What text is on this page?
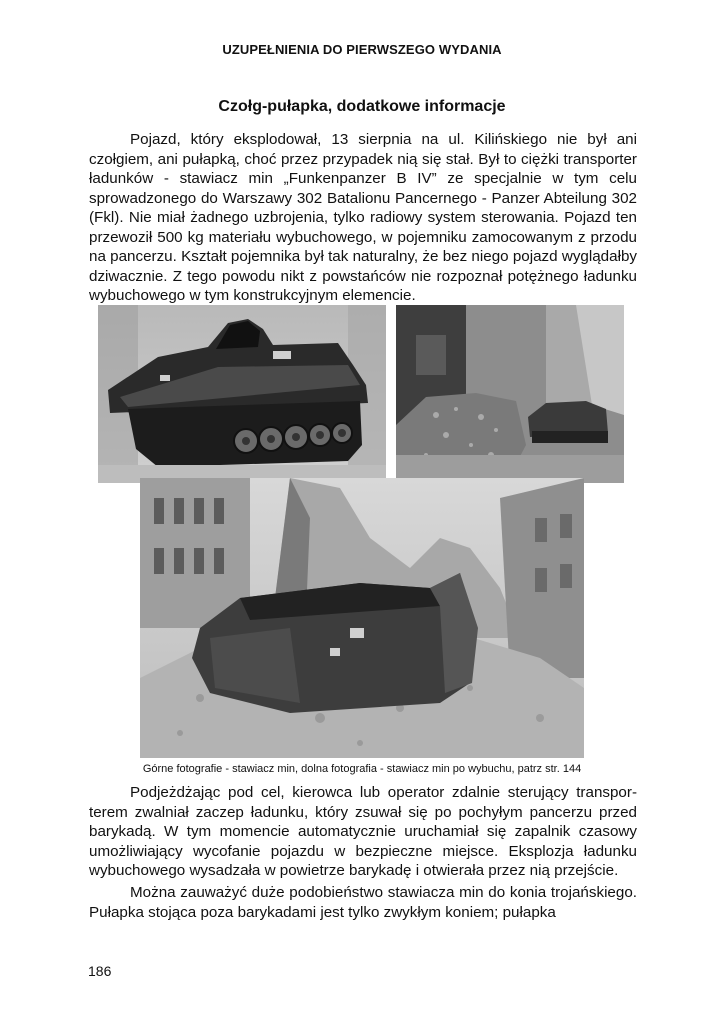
UZUPEŁNIENIA DO PIERWSZEGO WYDANIA
Czołg-pułapka, dodatkowe informacje

Pojazd, który eksplodował, 13 sierpnia na ul. Kilińskiego nie był ani czołgiem, ani pułapką, choć przez przypadek nią się stał. Był to ciężki transporter ładunków - stawiacz min „Funkenpanzer B IV” ze specjalnie w tym celu sprowadzonego do Warszawy 302 Batalionu Pancernego - Panzer Abteilung 302 (Fkl). Nie miał żadnego uzbrojenia, tylko radiowy system sterowania. Pojazd ten przewoził 500 kg materiału wybuchowego, w pojemniku zamocowanym z przodu na pancerzu. Kształt pojemnika był tak naturalny, że bez niego pojazd wyglądałby dziwacznie. Z tego powodu nikt z powstańców nie rozpoznał potężnego ładunku wybuchowego w tym konstrukcyjnym elemencie.

Górne fotografie - stawiacz min, dolna fotografia - stawiacz min po wybuchu, patrz str. 144

Podjeżdżając pod cel, kierowca lub operator zdalnie sterujący transporterem zwalniał zaczep ładunku, który zsuwał się po pochyłym pancerzu przed barykadą. W tym momencie automatycznie uruchamiał się zapalnik czasowy umożliwiający wycofanie pojazdu w bezpieczne miejsce. Eksplozja ładunku wybuchowego wysadzała w powietrze barykadę i otwierała przez nią przejście.

Można zauważyć duże podobieństwo stawiacza min do konia trojańskiego. Pułapka stojąca poza barykadami jest tylko zwykłym koniem; pułapka

186
